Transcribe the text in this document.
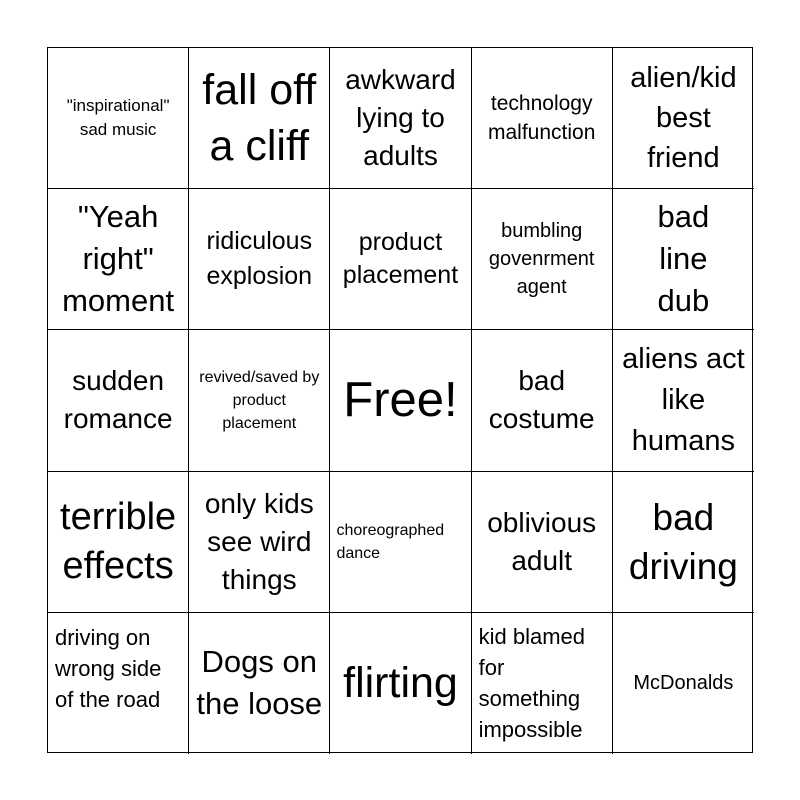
"inspirational" sad music
fall off a cliff
awkward lying to adults
technology malfunction
alien/kid best friend
"Yeah right" moment
ridiculous explosion
product placement
bumbling govenrment agent
bad line dub
sudden romance
revived/saved by product placement Free!	bad costume
aliens act like humans
terrible effects
only kids see wird things
choreographed dance
oblivious adult
bad driving
driving on wrong side of the road
Dogs on the loose flirting
kid blamed for something impossible
McDonalds
